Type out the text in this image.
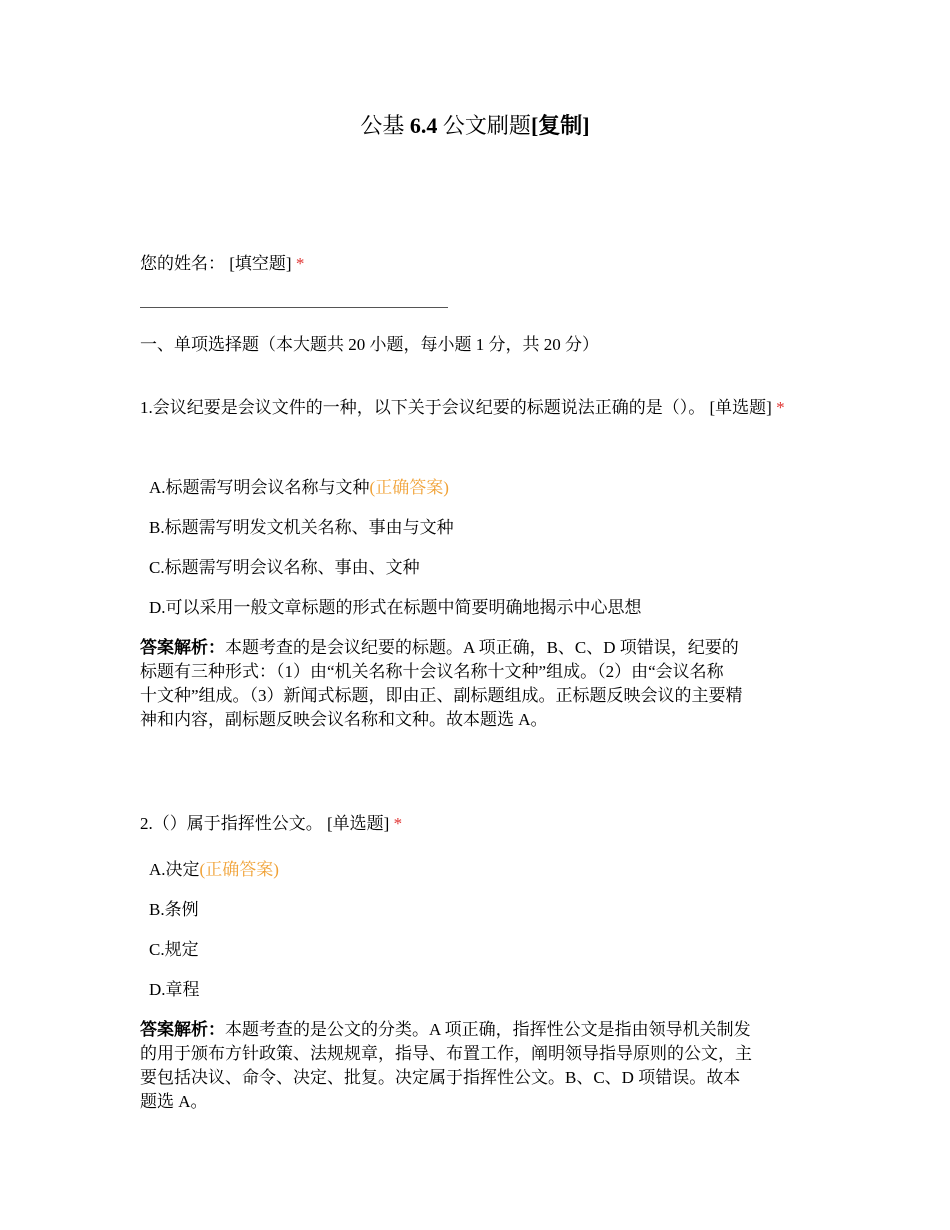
公基 6.4 公文刷题[复制]
您的姓名： [填空题] *
一、单项选择题（本大题共 20 小题，每小题 1 分，共 20 分）
1.会议纪要是会议文件的一种，以下关于会议纪要的标题说法正确的是（）。 [单选题] *
A.标题需写明会议名称与文种(正确答案)
B.标题需写明发文机关名称、事由与文种
C.标题需写明会议名称、事由、文种
D.可以采用一般文章标题的形式在标题中简要明确地揭示中心思想
答案解析：本题考查的是会议纪要的标题。A 项正确，B、C、D 项错误，纪要的
标题有三种形式：（1）由“机关名称十会议名称十文种”组成。（2）由“会议名称
十文种”组成。（3）新闻式标题，即由正、副标题组成。正标题反映会议的主要精
神和内容，副标题反映会议名称和文种。故本题选 A。
2.（）属于指挥性公文。 [单选题] *
A.决定(正确答案)
B.条例
C.规定
D.章程
答案解析：本题考查的是公文的分类。A 项正确，指挥性公文是指由领导机关制发
的用于颁布方针政策、法规规章，指导、布置工作，阐明领导指导原则的公文，主
要包括决议、命令、决定、批复。决定属于指挥性公文。B、C、D 项错误。故本
题选 A。
